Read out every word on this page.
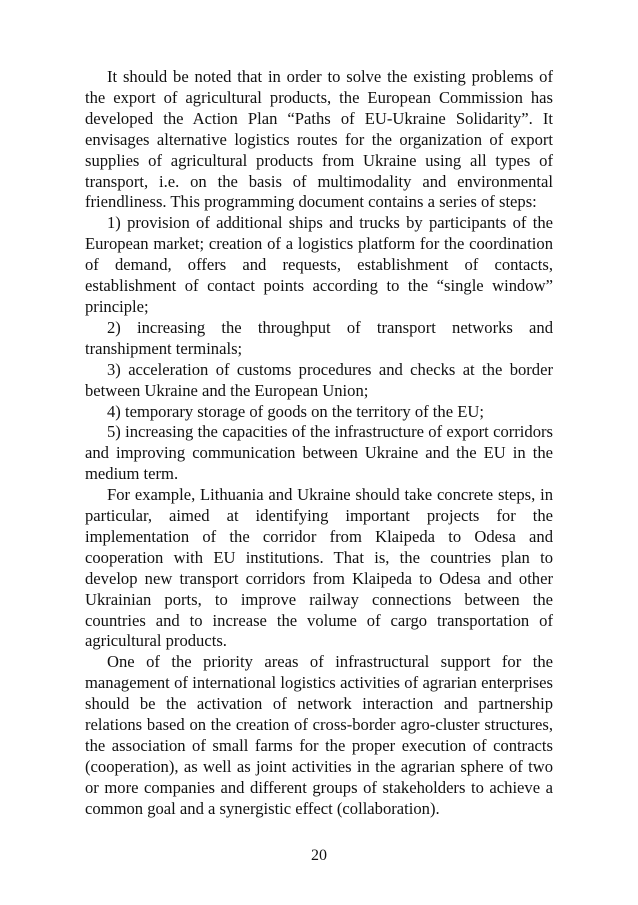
It should be noted that in order to solve the existing problems of the export of agricultural products, the European Commission has developed the Action Plan “Paths of EU-Ukraine Solidarity”. It envisages alternative logistics routes for the organization of export supplies of agricultural products from Ukraine using all types of transport, i.e. on the basis of multimodality and environmental friendliness. This programming document contains a series of steps:

1) provision of additional ships and trucks by participants of the European market; creation of a logistics platform for the coordination of demand, offers and requests, establishment of contacts, establishment of contact points according to the “single window” principle;

2) increasing the throughput of transport networks and transhipment terminals;

3) acceleration of customs procedures and checks at the border between Ukraine and the European Union;

4) temporary storage of goods on the territory of the EU;

5) increasing the capacities of the infrastructure of export corridors and improving communication between Ukraine and the EU in the medium term.

For example, Lithuania and Ukraine should take concrete steps, in particular, aimed at identifying important projects for the implementation of the corridor from Klaipeda to Odesa and cooperation with EU institutions. That is, the countries plan to develop new transport corridors from Klaipeda to Odesa and other Ukrainian ports, to improve railway connections between the countries and to increase the volume of cargo transportation of agricultural products.

One of the priority areas of infrastructural support for the management of international logistics activities of agrarian enterprises should be the activation of network interaction and partnership relations based on the creation of cross-border agro-cluster structures, the association of small farms for the proper execution of contracts (cooperation), as well as joint activities in the agrarian sphere of two or more companies and different groups of stakeholders to achieve a common goal and a synergistic effect (collaboration).

20
